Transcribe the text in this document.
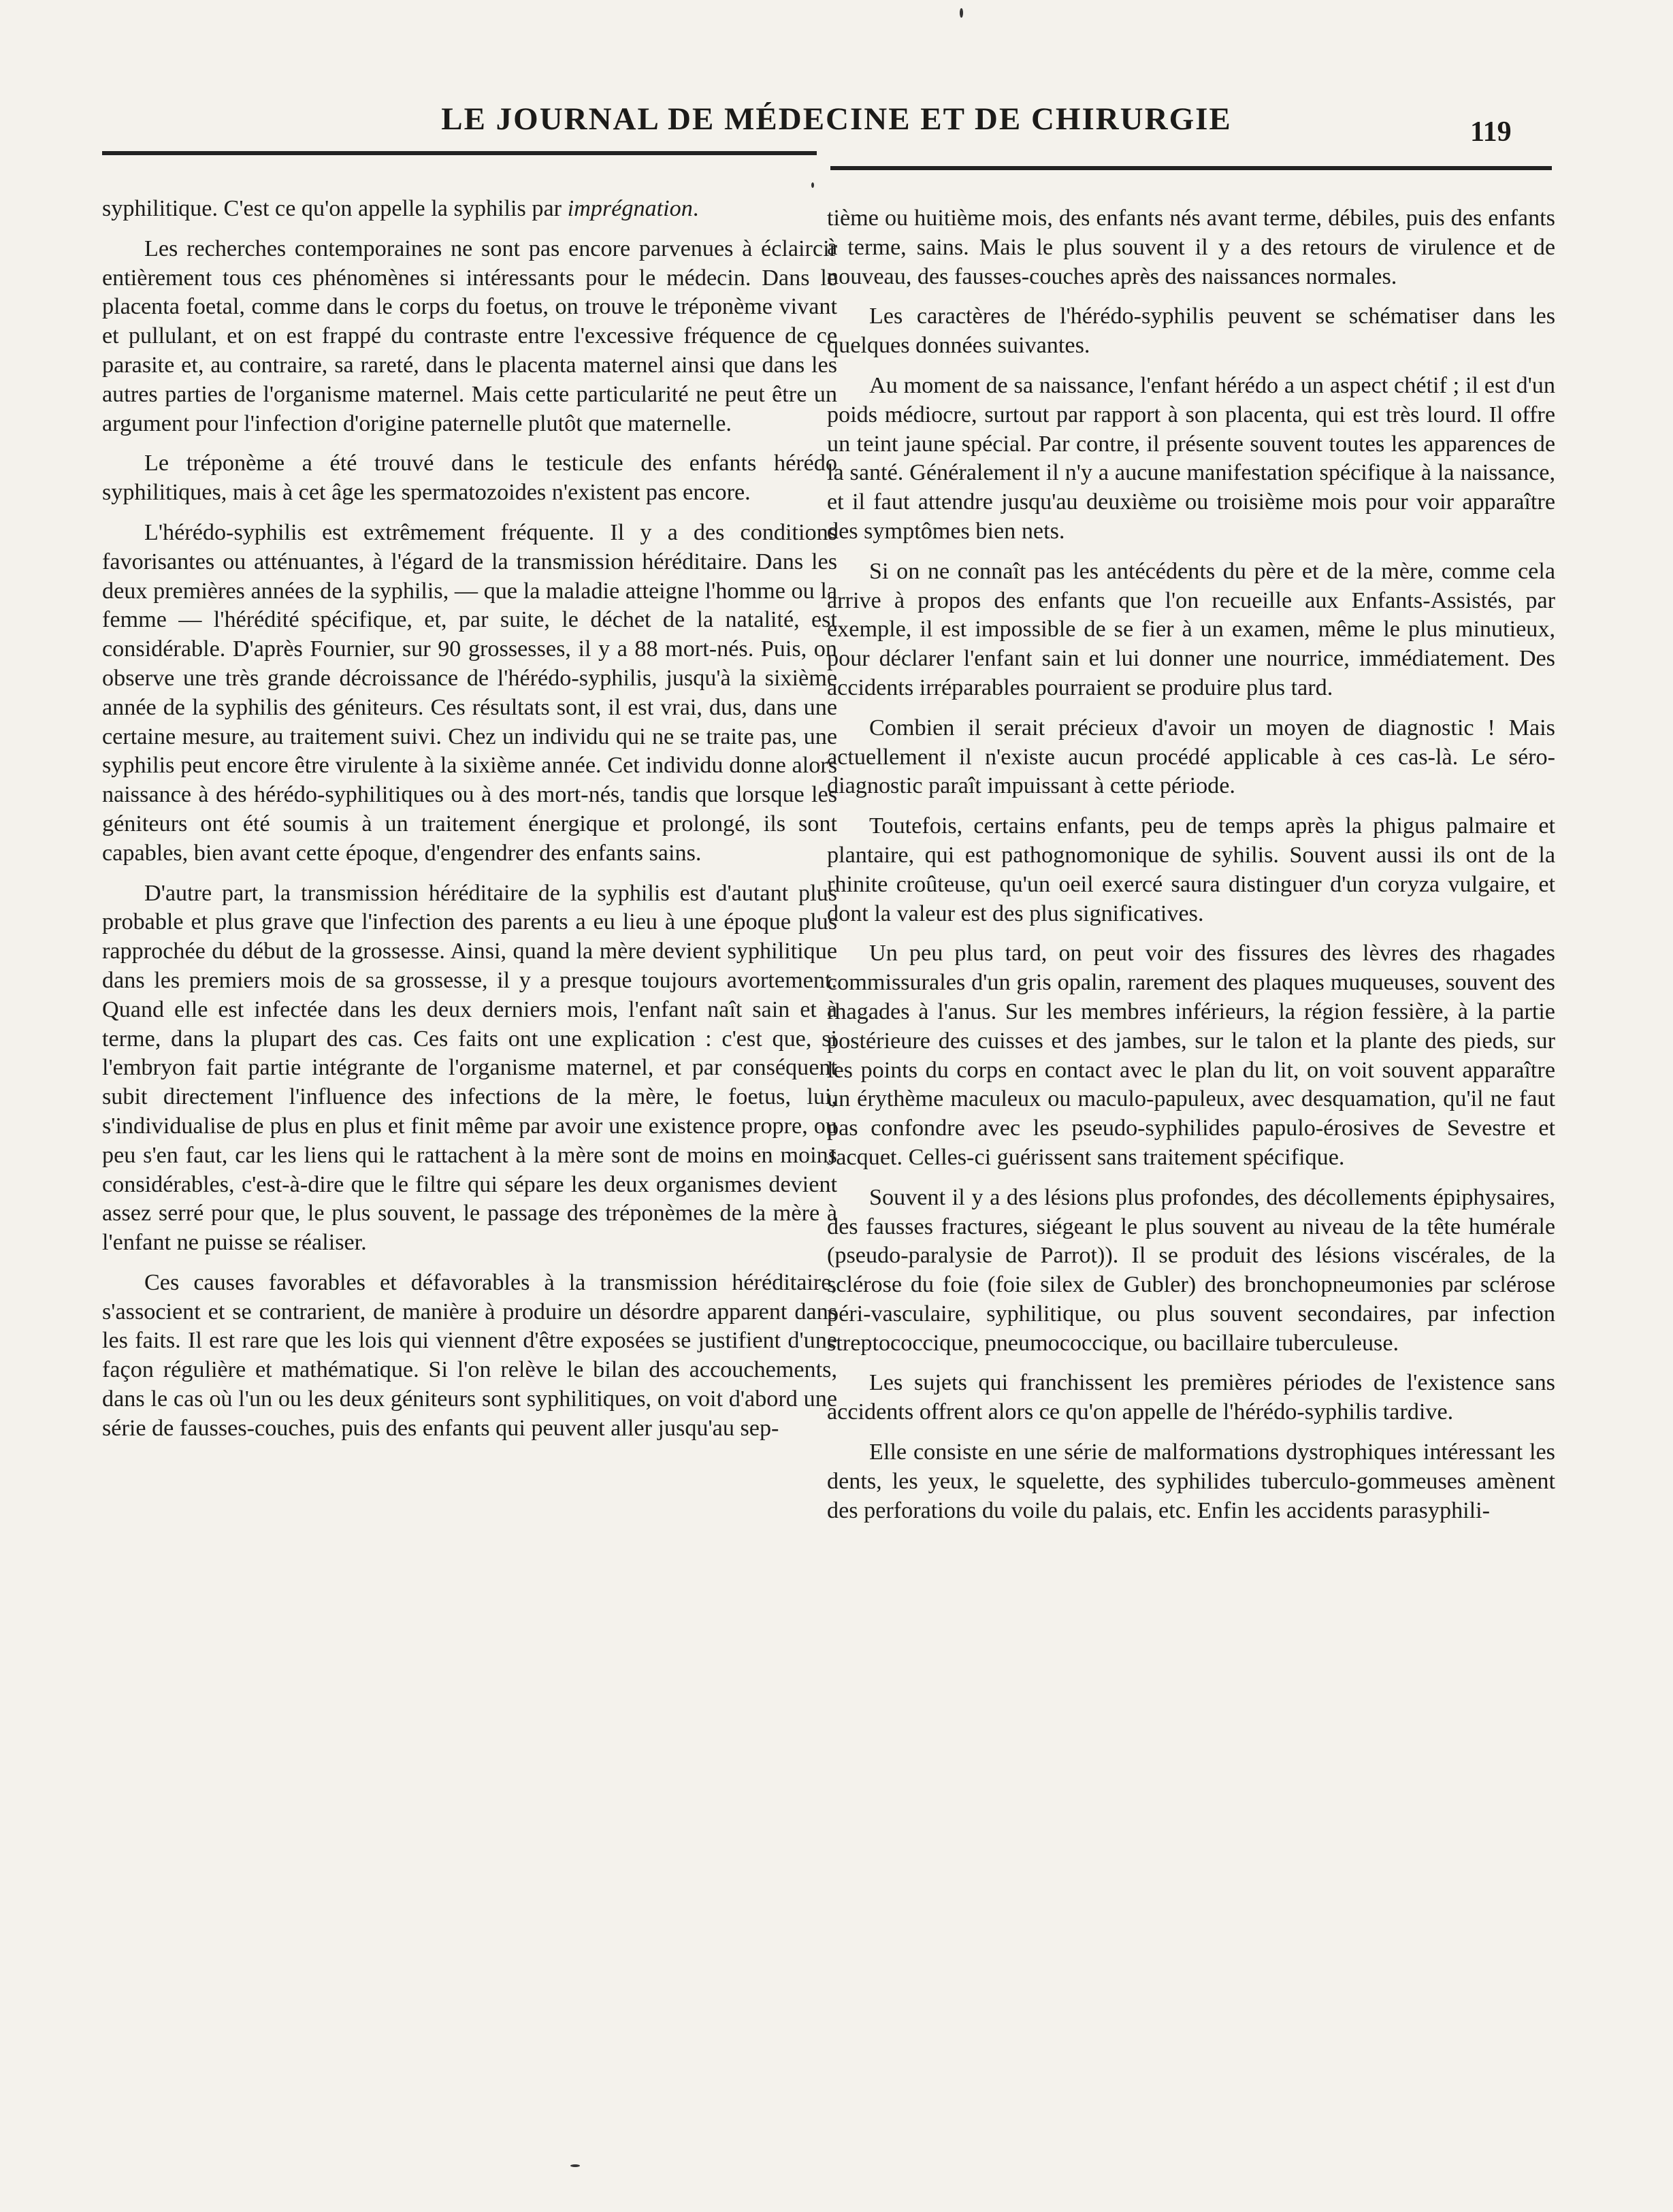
LE JOURNAL DE MÉDECINE ET DE CHIRURGIE	119

syphilitique. C'est ce qu'on appelle la syphilis par imprégnation.

Les recherches contemporaines ne sont pas encore parvenues à éclaircir entièrement tous ces phénomènes si intéressants pour le médecin. Dans le placenta foetal, comme dans le corps du foetus, on trouve le tréponème vivant et pullulant, et on est frappé du contraste entre l'excessive fréquence de ce parasite et, au contraire, sa rareté, dans le placenta maternel ainsi que dans les autres parties de l'organisme maternel. Mais cette particularité ne peut être un argument pour l'infection d'origine paternelle plutôt que maternelle.

Le tréponème a été trouvé dans le testicule des enfants hérédo syphilitiques, mais à cet âge les spermatozoides n'existent pas encore.

L'hérédo-syphilis est extrêmement fréquente. Il y a des conditions favorisantes ou atténuantes, à l'égard de la transmission héréditaire. Dans les deux premières années de la syphilis, — que la maladie atteigne l'homme ou la femme — l'hérédité spécifique, et, par suite, le déchet de la natalité, est considérable. D'après Fournier, sur 90 grossesses, il y a 88 mort-nés. Puis, on observe une très grande décroissance de l'hérédo-syphilis, jusqu'à la sixième année de la syphilis des géniteurs. Ces résultats sont, il est vrai, dus, dans une certaine mesure, au traitement suivi. Chez un individu qui ne se traite pas, une syphilis peut encore être virulente à la sixième année. Cet individu donne alors naissance à des hérédo-syphilitiques ou à des mort-nés, tandis que lorsque les géniteurs ont été soumis à un traitement énergique et prolongé, ils sont capables, bien avant cette époque, d'engendrer des enfants sains.

D'autre part, la transmission héréditaire de la syphilis est d'autant plus probable et plus grave que l'infection des parents a eu lieu à une époque plus rapprochée du début de la grossesse. Ainsi, quand la mère devient syphilitique dans les premiers mois de sa grossesse, il y a presque toujours avortement. Quand elle est infectée dans les deux derniers mois, l'enfant naît sain et à terme, dans la plupart des cas. Ces faits ont une explication : c'est que, si l'embryon fait partie intégrante de l'organisme maternel, et par conséquent subit directement l'influence des infections de la mère, le foetus, lui, s'individualise de plus en plus et finit même par avoir une existence propre, ou peu s'en faut, car les liens qui le rattachent à la mère sont de moins en moins considérables, c'est-à-dire que le filtre qui sépare les deux organismes devient assez serré pour que, le plus souvent, le passage des tréponèmes de la mère à l'enfant ne puisse se réaliser.

Ces causes favorables et défavorables à la transmission héréditaire, s'associent et se contrarient, de manière à produire un désordre apparent dans les faits. Il est rare que les lois qui viennent d'être exposées se justifient d'une façon régulière et mathématique. Si l'on relève le bilan des accouchements, dans le cas où l'un ou les deux géniteurs sont syphilitiques, on voit d'abord une série de fausses-couches, puis des enfants qui peuvent aller jusqu'au sep-

tième ou huitième mois, des enfants nés avant terme, débiles, puis des enfants à terme, sains. Mais le plus souvent il y a des retours de virulence et de nouveau, des fausses-couches après des naissances normales.

Les caractères de l'hérédo-syphilis peuvent se schématiser dans les quelques données suivantes.

Au moment de sa naissance, l'enfant hérédo a un aspect chétif ; il est d'un poids médiocre, surtout par rapport à son placenta, qui est très lourd. Il offre un teint jaune spécial. Par contre, il présente souvent toutes les apparences de la santé. Généralement il n'y a aucune manifestation spécifique à la naissance, et il faut attendre jusqu'au deuxième ou troisième mois pour voir apparaître des symptômes bien nets.

Si on ne connaît pas les antécédents du père et de la mère, comme cela arrive à propos des enfants que l'on recueille aux Enfants-Assistés, par exemple, il est impossible de se fier à un examen, même le plus minutieux, pour déclarer l'enfant sain et lui donner une nourrice, immédiatement. Des accidents irréparables pourraient se produire plus tard.

Combien il serait précieux d'avoir un moyen de diagnostic ! Mais actuellement il n'existe aucun procédé applicable à ces cas-là. Le séro-diagnostic paraît impuissant à cette période.

Toutefois, certains enfants, peu de temps après la phigus palmaire et plantaire, qui est pathognomonique de syhilis. Souvent aussi ils ont de la rhinite croûteuse, qu'un oeil exercé saura distinguer d'un coryza vulgaire, et dont la valeur est des plus significatives.

Un peu plus tard, on peut voir des fissures des lèvres des rhagades commissurales d'un gris opalin, rarement des plaques muqueuses, souvent des rhagades à l'anus. Sur les membres inférieurs, la région fessière, à la partie postérieure des cuisses et des jambes, sur le talon et la plante des pieds, sur les points du corps en contact avec le plan du lit, on voit souvent apparaître un érythème maculeux ou maculo-papuleux, avec desquamation, qu'il ne faut pas confondre avec les pseudo-syphilides papulo-érosives de Sevestre et Jacquet. Celles-ci guérissent sans traitement spécifique.

Souvent il y a des lésions plus profondes, des décollements épiphysaires, des fausses fractures, siégeant le plus souvent au niveau de la tête humérale (pseudo-paralysie de Parrot)). Il se produit des lésions viscérales, de la sclérose du foie (foie silex de Gubler) des bronchopneumonies par sclérose péri-vasculaire, syphilitique, ou plus souvent secondaires, par infection streptococcique, pneumococcique, ou bacillaire tuberculeuse.

Les sujets qui franchissent les premières périodes de l'existence sans accidents offrent alors ce qu'on appelle de l'hérédo-syphilis tardive.

Elle consiste en une série de malformations dystrophiques intéressant les dents, les yeux, le squelette, des syphilides tuberculo-gommeuses amènent des perforations du voile du palais, etc. Enfin les accidents parasyphili-
